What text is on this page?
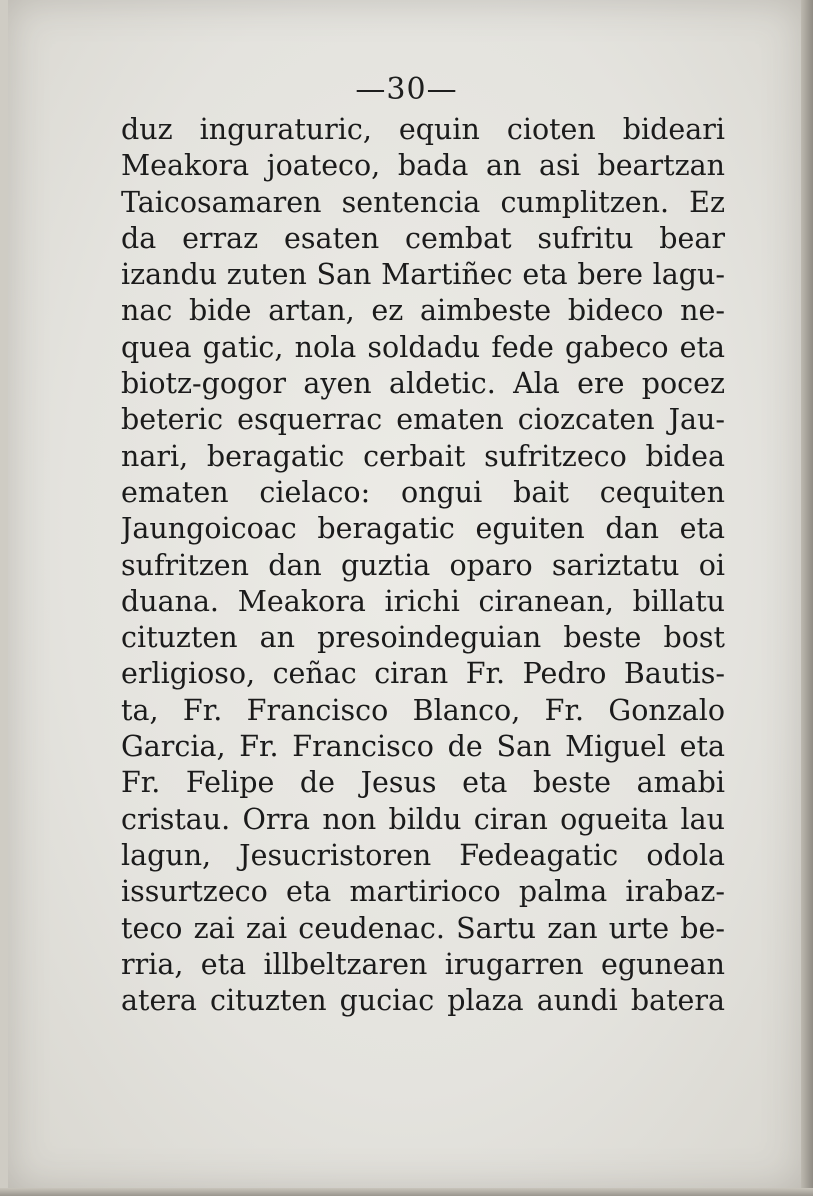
—30—
duz inguraturic, equin cioten bideari
Meakora joateco, bada an asi beartzan
Taicosamaren sentencia cumplitzen. Ez
da erraz esaten cembat sufritu bear
izandu zuten San Martiñec eta bere lagu-
nac bide artan, ez aimbeste bideco ne-
quea gatic, nola soldadu fede gabeco eta
biotz-gogor ayen aldetic. Ala ere pocez
beteric esquerrac ematen ciozcaten Jau-
nari, beragatic cerbait sufritzeco bidea
ematen cielaco: ongui bait cequiten
Jaungoicoac beragatic eguiten dan eta
sufritzen dan guztia oparo sariztatu oi
duana. Meakora irichi ciranean, billatu
cituzten an presoindeguian beste bost
erligioso, ceñac ciran Fr. Pedro Bautis-
ta, Fr. Francisco Blanco, Fr. Gonzalo
Garcia, Fr. Francisco de San Miguel eta
Fr. Felipe de Jesus eta beste amabi
cristau. Orra non bildu ciran ogueita lau
lagun, Jesucristoren Fedeagatic odola
issurtzeco eta martirioco palma irabaz-
teco zai zai ceudenac. Sartu zan urte be-
rria, eta illbeltzaren irugarren egunean
atera cituzten guciac plaza aundi batera
